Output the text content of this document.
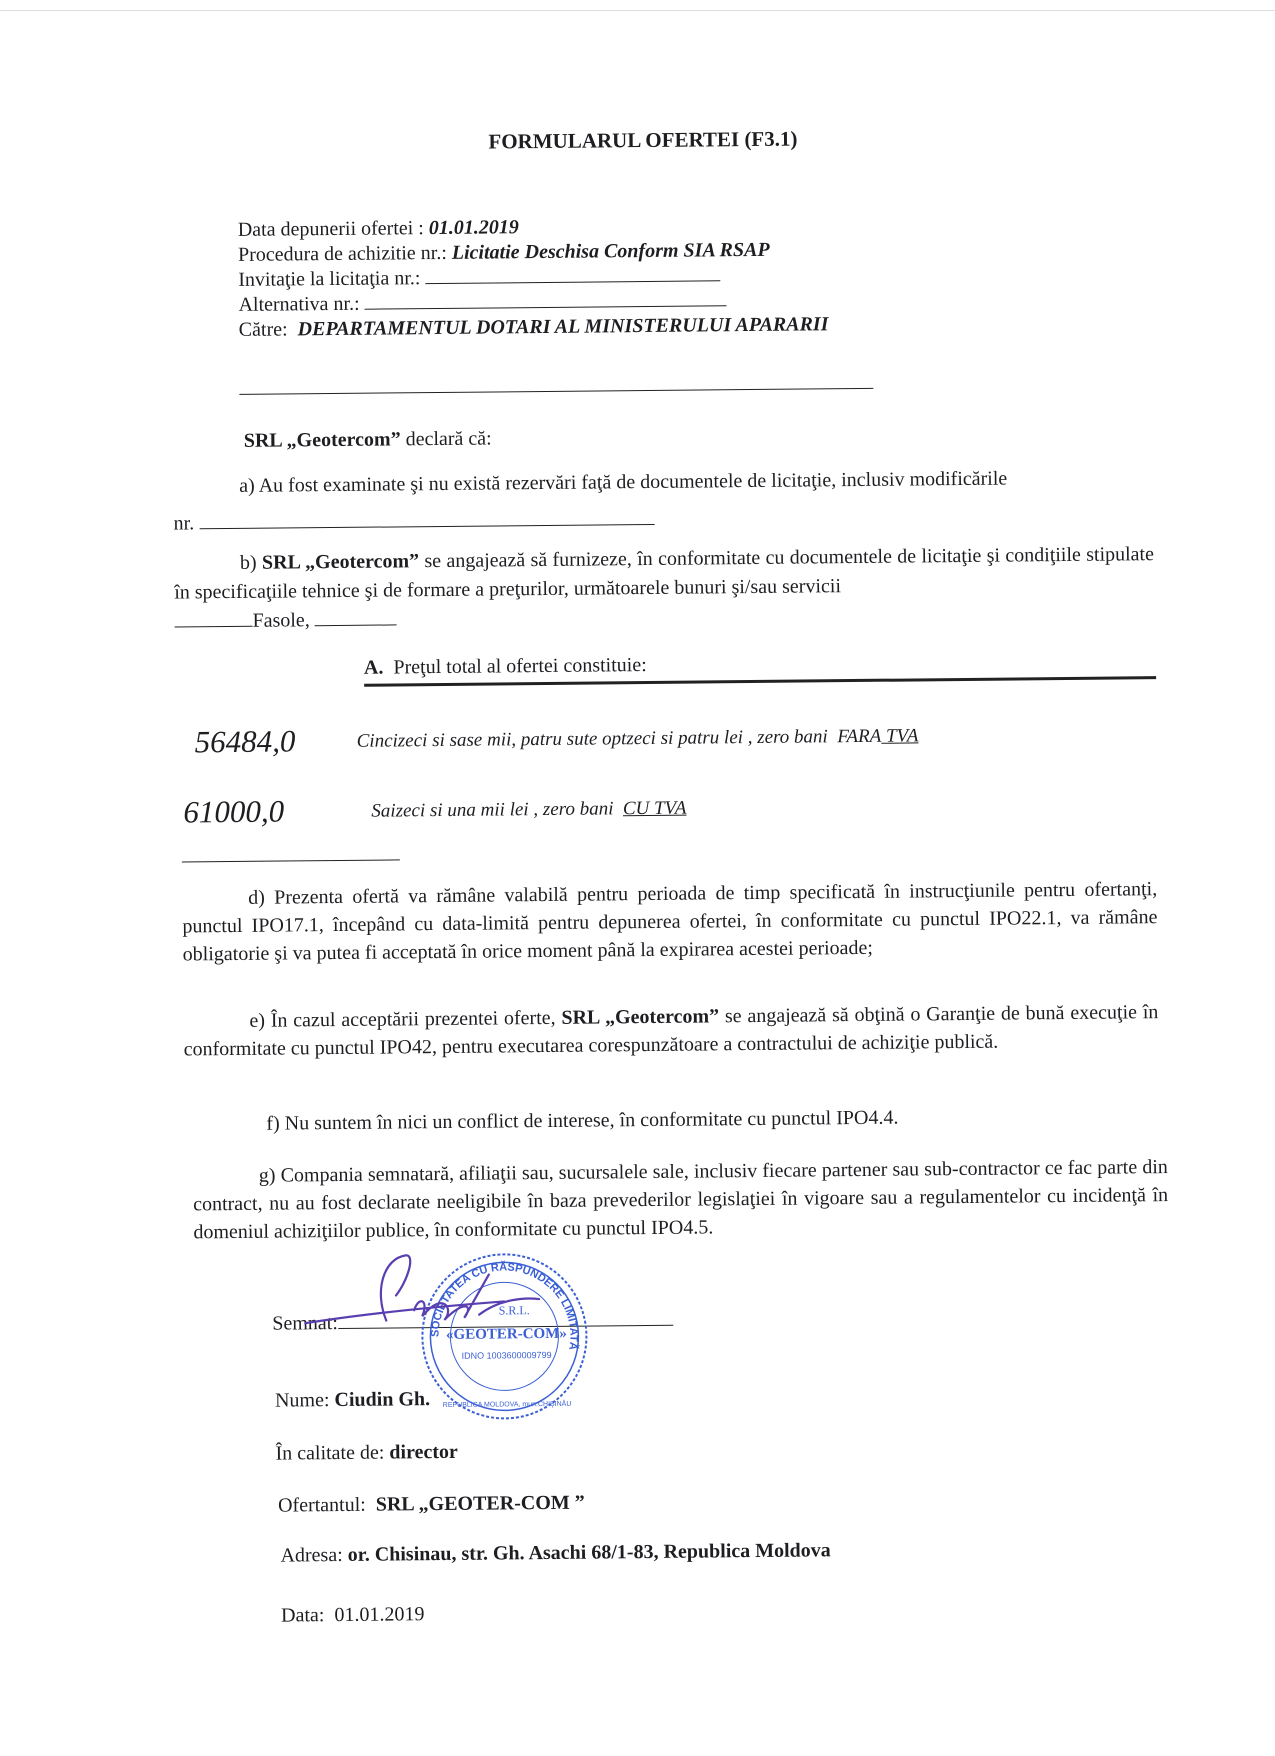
FORMULARUL OFERTEI (F3.1)
Data depunerii ofertei : 01.01.2019
Procedura de achizitie nr.: Licitatie Deschisa Conform SIA RSAP
Invitaţie la licitaţia nr.:
Alternativa nr.:
Către: DEPARTAMENTUL DOTARI AL MINISTERULUI APARARII
SRL „Geotercom” declară că:
a) Au fost examinate şi nu există rezervări faţă de documentele de licitaţie, inclusiv modificările
nr.
b) SRL „Geotercom” se angajează să furnizeze, în conformitate cu documentele de licitaţie şi condiţiile stipulate în specificaţiile tehnice şi de formare a preţurilor, următoarele bunuri şi/sau servicii
Fasole,
A. Preţul total al ofertei constituie:
56484,0	Cincizeci si sase mii, patru sute optzeci si patru lei , zero bani FARA TVA
61000,0	Saizeci si una mii lei , zero bani CU TVA
d) Prezenta ofertă va rămâne valabilă pentru perioada de timp specificată în instrucţiunile pentru ofertanţi, punctul IPO17.1, începând cu data-limită pentru depunerea ofertei, în conformitate cu punctul IPO22.1, va rămâne obligatorie şi va putea fi acceptată în orice moment până la expirarea acestei perioade;
e) În cazul acceptării prezentei oferte, SRL „Geotercom” se angajează să obţină o Garanţie de bună execuţie în conformitate cu punctul IPO42, pentru executarea corespunzătoare a contractului de achiziţie publică.
f) Nu suntem în nici un conflict de interese, în conformitate cu punctul IPO4.4.
g) Compania semnatară, afiliaţii sau, sucursalele sale, inclusiv fiecare partener sau sub-contractor ce fac parte din contract, nu au fost declarate neeligibile în baza prevederilor legislaţiei în vigoare sau a regulamentelor cu incidenţă în domeniul achiziţiilor publice, în conformitate cu punctul IPO4.5.
Semnat:	SOCIETATEA CU RĂSPUNDERE LIMITATĂ
S.R.L.
«GEOTER-COM»
IDNO 1003600009799
REPUBLICA MOLDOVA, mun.CHIŞINĂU
Nume: Ciudin Gh.
În calitate de: director
Ofertantul: SRL „GEOTER-COM ”
Adresa: or. Chisinau, str. Gh. Asachi 68/1-83, Republica Moldova
Data: 01.01.2019
